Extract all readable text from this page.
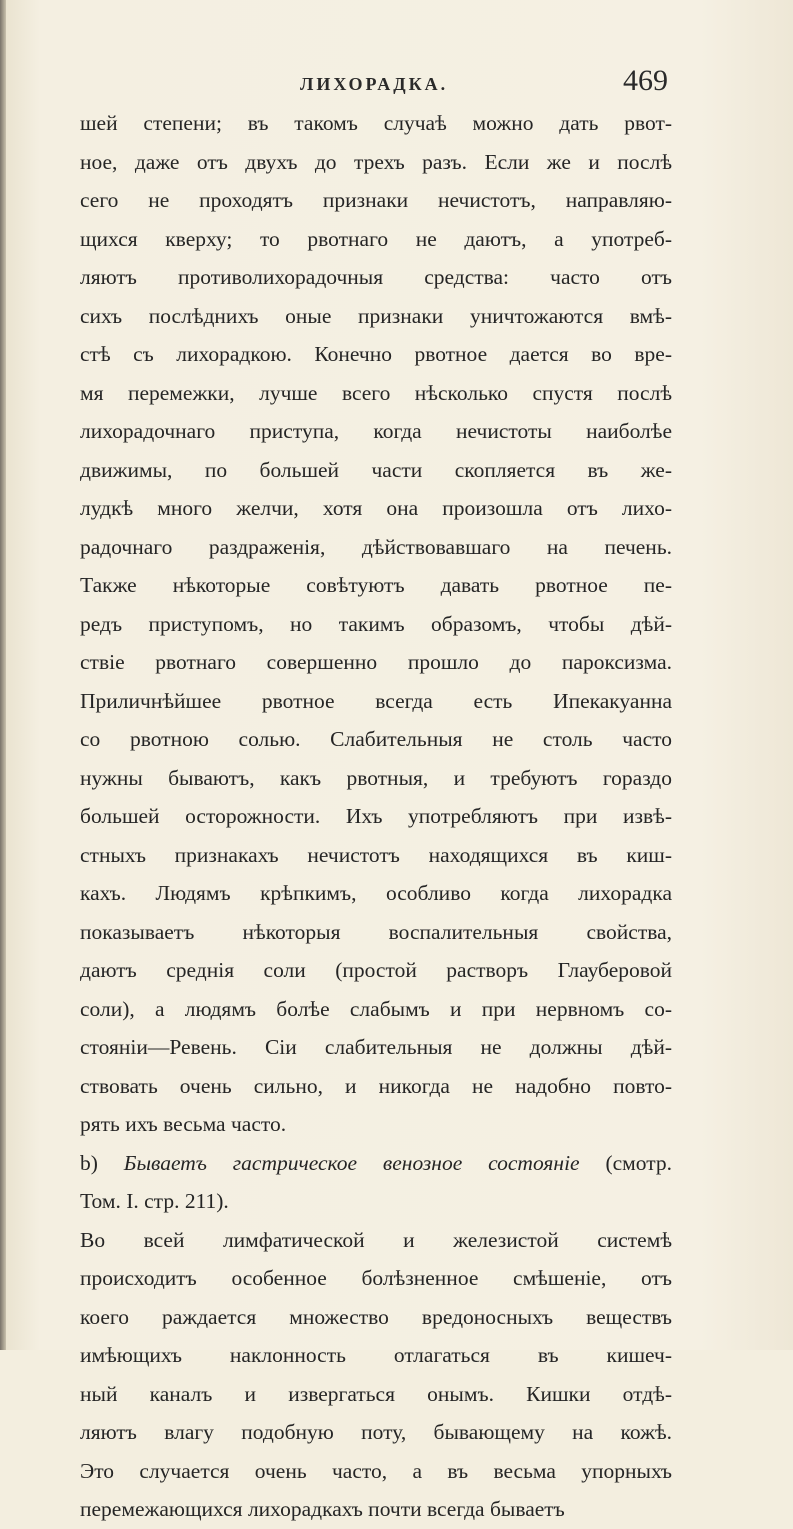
ЛИХОРАДКА.	469
шей степени; въ такомъ случаѣ можно дать рвот-
ное, даже отъ двухъ до трехъ разъ. Если же и послѣ
сего не проходятъ признаки нечистотъ, направляю-
щихся кверху; то рвотнаго не даютъ, а употреб-
ляютъ противолихорадочныя средства: часто отъ
сихъ послѣднихъ оные признаки уничтожаются вмѣ-
стѣ съ лихорадкою. Конечно рвотное дается во вре-
мя перемежки, лучше всего нѣсколько спустя послѣ
лихорадочнаго приступа, когда нечистоты наиболѣе
движимы, по большей части скопляется въ же-
лудкѣ много желчи, хотя она произошла отъ лихо-
радочнаго раздраженія, дѣйствовавшаго на печень.
Также нѣкоторые совѣтуютъ давать рвотное пе-
редъ приступомъ, но такимъ образомъ, чтобы дѣй-
ствіе рвотнаго совершенно прошло до пароксизма.
Приличнѣйшее рвотное всегда есть Ипекакуанна
со рвотною солью. Слабительныя не столь часто
нужны бываютъ, какъ рвотныя, и требуютъ гораздо
большей осторожности. Ихъ употребляютъ при извѣ-
стныхъ признакахъ нечистотъ находящихся въ киш-
кахъ. Людямъ крѣпкимъ, особливо когда лихорадка
показываетъ нѣкоторыя воспалительныя свойства,
даютъ среднія соли (простой растворъ Глауберовой
соли), а людямъ болѣе слабымъ и при нервномъ со-
стояніи—Ревень. Сіи слабительныя не должны дѣй-
ствовать очень сильно, и никогда не надобно повто-
рять ихъ весьма часто.
b) Бываетъ гастрическое венозное состояніе (смотр.
Том. I. стр. 211).
Во всей лимфатической и железистой системѣ
происходитъ особенное болѣзненное смѣшеніе, отъ
коего раждается множество вредоносныхъ веществъ
имѣющихъ наклонность отлагаться въ кишеч-
ный каналъ и извергаться онымъ. Кишки отдѣ-
ляютъ влагу подобную поту, бывающему на кожѣ.
Это случается очень часто, а въ весьма упорныхъ
перемежающихся лихорадкахъ почти всегда бываетъ
